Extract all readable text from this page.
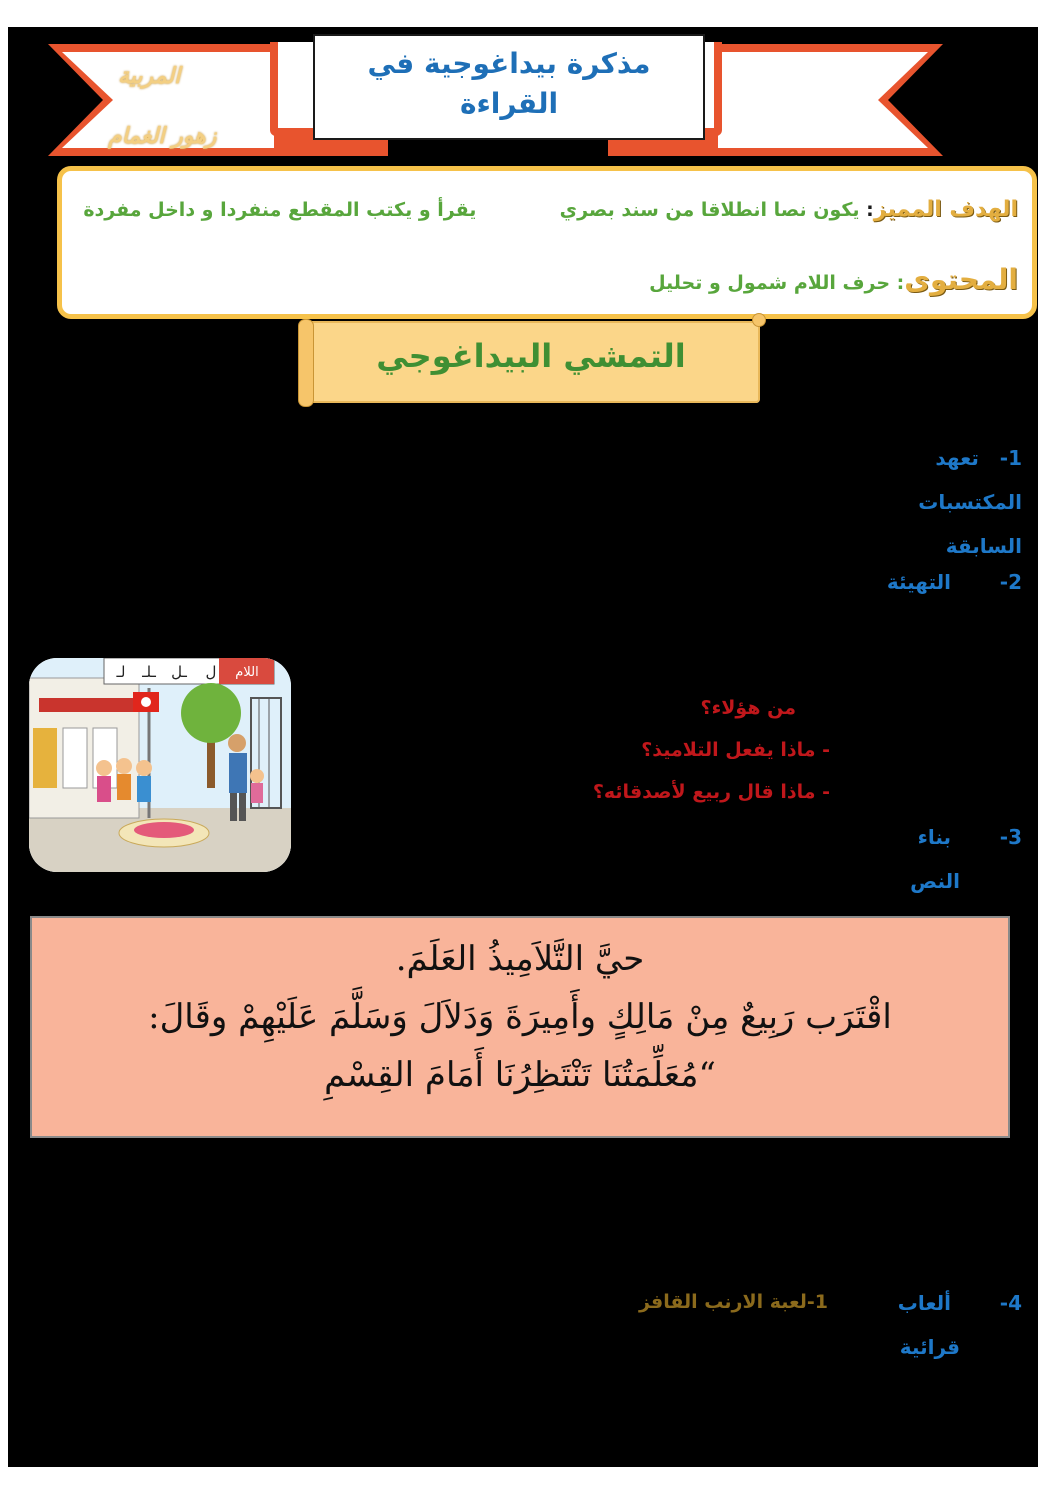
مذكرة بيداغوجية في
القراءة
المربية
زهور الغمام
الهدف المميز: يكون نصا انطلاقا من سند بصري  يقرأ و يكتب المقطع منفردا و داخل مفردة
المحتوى: حرف اللام شمول و تحليل
التمشي البيداغوجي
1-   تعهد
المكتسبات
السابقة
2-       التهيئة
من هؤلاء؟
- ماذا يفعل التلاميذ؟
- ماذا قال ربيع لأصدقائه؟
3-       بناء
النص
اللام
ل
ـل
ـلـ
لـ
حيَّ التَّلاَمِيذُ العَلَمَ.
اقْتَرَب رَبِيعٌ مِنْ مَالِكٍ وأَمِيرَةَ وَدَلاَلَ وَسَلَّمَ عَلَيْهِمْ وقَالَ:
“مُعَلِّمَتُنَا تَنْتَظِرُنَا أَمَامَ القِسْمِ
4-       ألعاب
قرائية
1-لعبة الارنب القافز
